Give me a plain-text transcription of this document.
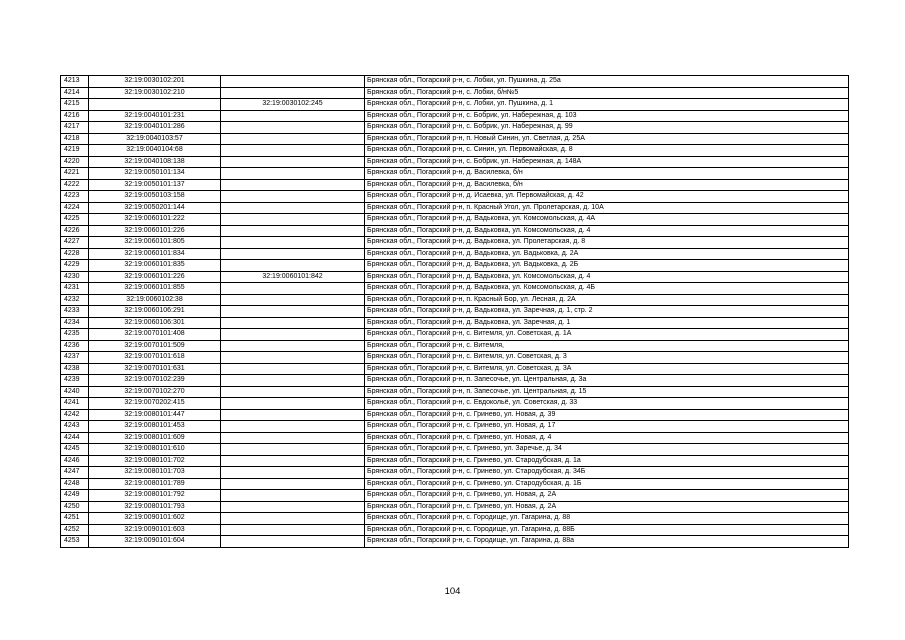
4213	32:19:0030102:201		Брянская обл., Погарский р-н, с. Лобки, ул. Пушкина, д. 25а
4214	32:19:0030102:210		Брянская обл., Погарский р-н, с. Лобки, б/н№5
4215		32:19:0030102:245	Брянская обл., Погарский р-н, с. Лобки, ул. Пушкина, д. 1
4216	32:19:0040101:231		Брянская обл., Погарский р-н, с. Бобрик, ул. Набережная, д. 103
4217	32:19:0040101:286		Брянская обл., Погарский р-н, с. Бобрик, ул. Набережная, д. 99
4218	32:19:0040103:57		Брянская обл., Погарский р-н, п. Новый Синин, ул. Светлая, д. 25А
4219	32:19:0040104:68		Брянская обл., Погарский р-н, с. Синин, ул. Первомайская, д. 8
4220	32:19:0040108:138		Брянская обл., Погарский р-н, с. Бобрик, ул. Набережная, д. 148А
4221	32:19:0050101:134		Брянская обл., Погарский р-н, д. Василевка, б/н
4222	32:19:0050101:137		Брянская обл., Погарский р-н, д. Василевка, б/н
4223	32:19:0050103:158		Брянская обл., Погарский р-н, д. Исаевка, ул. Первомайская, д. 42
4224	32:19:0050201:144		Брянская обл., Погарский р-н, п. Красный Угол, ул. Пролетарская, д. 10А
4225	32:19:0060101:222		Брянская обл., Погарский р-н, д. Вадьковка, ул. Комсомольская, д. 4А
4226	32:19:0060101:226		Брянская обл., Погарский р-н, д. Вадьковка, ул. Комсомольская, д. 4
4227	32:19:0060101:805		Брянская обл., Погарский р-н, д. Вадьковка, ул. Пролетарская, д. 8
4228	32:19:0060101:834		Брянская обл., Погарский р-н, д. Вадьковка, ул. Вадьковка, д. 2А
4229	32:19:0060101:835		Брянская обл., Погарский р-н, д. Вадьковка, ул. Вадьковка, д. 2Б
4230	32:19:0060101:226	32:19:0060101:842	Брянская обл., Погарский р-н, д. Вадьковка, ул. Комсомольская, д. 4
4231	32:19:0060101:855		Брянская обл., Погарский р-н, д. Вадьковка, ул. Комсомольская, д. 4Б
4232	32:19:0060102:38		Брянская обл., Погарский р-н, п. Красный Бор, ул. Лесная, д. 2А
4233	32:19:0060106:291		Брянская обл., Погарский р-н, д. Вадьковка, ул. Заречная, д. 1, стр. 2
4234	32:19:0060106:301		Брянская обл., Погарский р-н, д. Вадьковка, ул. Заречная, д. 1
4235	32:19:0070101:408		Брянская обл., Погарский р-н, с. Витемля, ул. Советская, д. 1А
4236	32:19:0070101:509		Брянская обл., Погарский р-н, с. Витемля,
4237	32:19:0070101:618		Брянская обл., Погарский р-н, с. Витемля, ул. Советская, д. 3
4238	32:19:0070101:631		Брянская обл., Погарский р-н, с. Витемля, ул. Советская, д. 3А
4239	32:19:0070102:239		Брянская обл., Погарский р-н, п. Запесочье, ул. Центральная, д. 3а
4240	32:19:0070102:270		Брянская обл., Погарский р-н, п. Запесочье, ул. Центральная, д. 15
4241	32:19:0070202:415		Брянская обл., Погарский р-н, с. Евдокольё, ул. Советская, д. 33
4242	32:19:0080101:447		Брянская обл., Погарский р-н, с. Гринево, ул. Новая, д. 39
4243	32:19:0080101:453		Брянская обл., Погарский р-н, с. Гринево, ул. Новая, д. 17
4244	32:19:0080101:609		Брянская обл., Погарский р-н, с. Гринево, ул. Новая, д. 4
4245	32:19:0080101:610		Брянская обл., Погарский р-н, с. Гринево, ул. Заречье, д. 34
4246	32:19:0080101:702		Брянская обл., Погарский р-н, с. Гринево, ул. Стародубская, д. 1а
4247	32:19:0080101:703		Брянская обл., Погарский р-н, с. Гринево, ул. Стародубская, д. 34Б
4248	32:19:0080101:789		Брянская обл., Погарский р-н, с. Гринево, ул. Стародубская, д. 1Б
4249	32:19:0080101:792		Брянская обл., Погарский р-н, с. Гринево, ул. Новая, д. 2А
4250	32:19:0080101:793		Брянская обл., Погарский р-н, с. Гринево, ул. Новая, д. 2А
4251	32:19:0090101:602		Брянская обл., Погарский р-н, с. Городище, ул. Гагарина, д. 88
4252	32:19:0090101:603		Брянская обл., Погарский р-н, с. Городище, ул. Гагарина, д. 88Б
4253	32:19:0090101:604		Брянская обл., Погарский р-н, с. Городище, ул. Гагарина, д. 88а
104
